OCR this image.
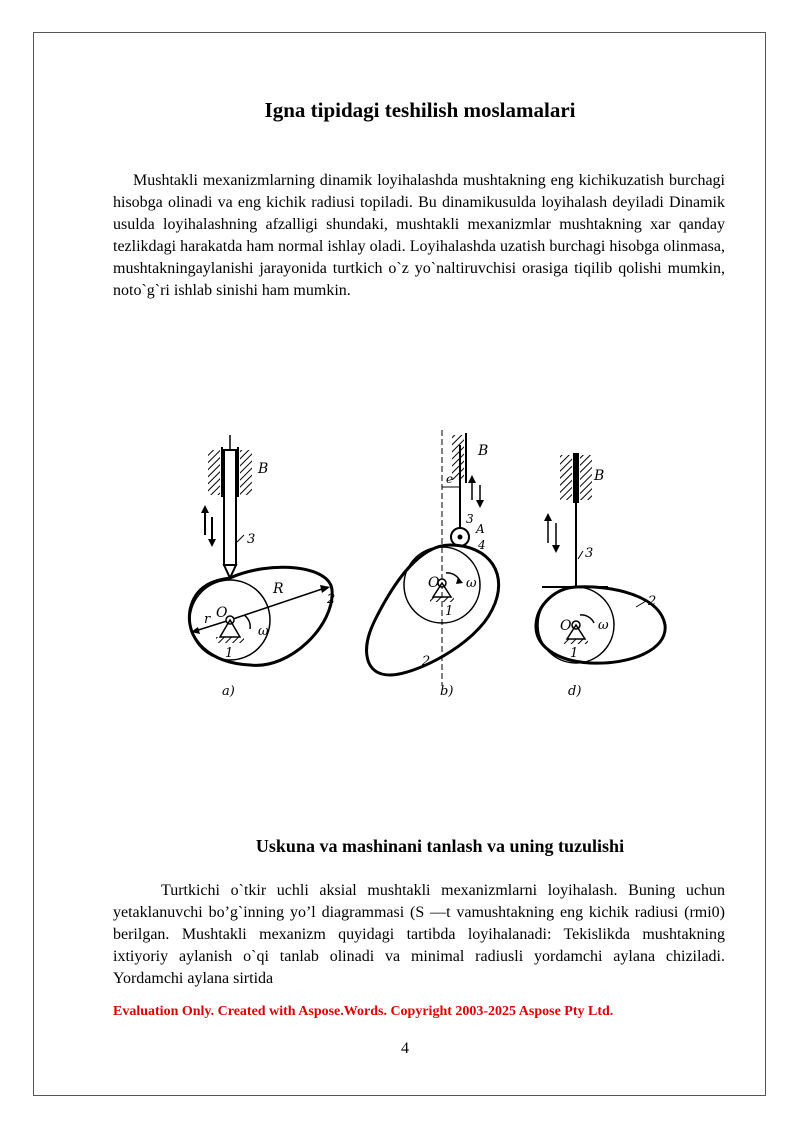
Igna tipidagi teshilish moslamalari

Mushtakli mexanizmlarning dinamik loyihalashda mushtakning eng kichikuzatish burchagi hisobga olinadi va eng kichik radiusi topiladi. Bu dinamikusulda loyihalash deyiladi Dinamik usulda loyihalashning afzalligi shundaki, mushtakli mexanizmlar mushtakning xar qanday tezlikdagi harakatda ham normal ishlay oladi. Loyihalashda uzatish burchagi hisobga olinmasa, mushtakningaylanishi jarayonida turtkich o`z yo`naltiruvchisi orasiga tiqilib qolishi mumkin, noto`g`ri ishlab sinishi ham mumkin.

B
3
R
r
2
O
ω
1
a)
B
e
3
A
4
O ω
1
2
b)
B
3
O ω
1
2
d)
Uskuna va mashinani tanlash va uning tuzulishi

Turtkichi o`tkir uchli aksial mushtakli mexanizmlarni loyihalash. Buning uchun yetaklanuvchi bo’g`inning yo’l diagrammasi (S —t vamushtakning eng kichik radiusi (rmi0) berilgan. Mushtakli mexanizm quyidagi tartibda loyihalanadi: Tekislikda mushtakning ixtiyoriy aylanish o`qi tanlab olinadi va minimal radiusli yordamchi aylana chiziladi. Yordamchi aylana sirtida

Evaluation Only. Created with Aspose.Words. Copyright 2003-2025 Aspose Pty Ltd.

4
